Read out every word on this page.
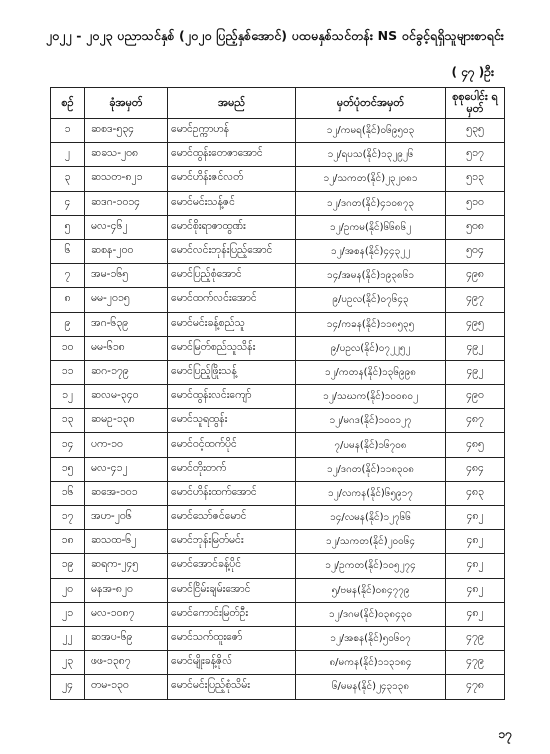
၂၀၂၂ - ၂၀၂၃ ပညာသင်နှစ် (၂၀၂၀ ပြည့်နှစ်အောင်) ပထမနှစ်သင်တန်း NS ဝင်ခွင့်ရရှိသူများစာရင်း
( ၄၇ )ဦး
စဉ်	ခုံအမှတ်	အမည်	မှတ်ပုံတင်အမှတ်	စုစုပေါင်း ရမှတ်
၁	ဆစဒ-၅၃၄	မောင်ဥက္ကာဟန်	၁၂/ကမရ(နိုင်)၀၆၉၅၀၃	၅၃၅
၂	ဆခသ-၂၀၈	မောင်ထွန်းတေဇာအောင်	၁၂/ရပသ(နိုင်)၁၃၂၉၂၆	၅၁၇
၃	ဆသတ-၈၂၁	မောင်ဟိန်းဇင်လတ်	၁၂/သကတ(နိုင်)၂၃၂၀၈၁	၅၁၃
၄	ဆဒဂ-၁၀၁၄	မောင်မင်းသန့်ဇင်	၁၂/ဒဂတ(နိုင်)၄၁၀၈၇၃	၅၁၀
၅	မလ-၄၆၂	မောင်စိုးရာဇာထွဏ်း	၁၂/ဥကမ(နိုင်)၆၆၈၆၂	၅၀၈
၆	ဆစန-၂၀၀	မောင်လင်းဘုန်းပြည့်အောင်	၁၂/အစန(နိုင်)၄၄၃၂၂	၅၀၄
၇	အမ-၁၆၅	မောင်ပြည့်စုံအောင်	၁၄/အမန(နိုင်)၁၉၃၈၆၁	၄၉၈
၈	မမ-၂၀၁၅	မောင်ထက်လင်းအောင်	၉/ပဥလ(နိုင်)၀၇၆၄၃	၄၉၇
၉	အဂ-၆၃၉	မောင်မင်းခန့်စည်သူ	၁၄/ကခန(နိုင်)၁၁၈၅၃၅	၄၉၅
၁၀	မမ-၆၁၈	မောင်မြတ်စည်သူသိန်း	၉/ပဥလ(နိုင်)၀၇၂၂၅၂	၄၉၂
၁၁	ဆဂ-၁၇၉	မောင်ပြည့်ဖြိုးသန့်	၁၂/ကတန(နိုင်)၁၃၆၉၉၈	၄၉၂
၁၂	ဆလမ-၃၄၀	မောင်ထွန်းလင်းကျော်	၁၂/သဃက(နိုင်)၁၀၀၈၀၂	၄၉၀
၁၃	ဆမဥ-၁၃၈	မောင်သူရထွန်း	၁၂/မဂဒ(နိုင်)၁၀၀၁၂၇	၄၈၇
၁၄	ပက-၁၀	မောင်ဝင့်ထက်ပိုင်	၇/ပမန(နိုင်)၁၆၇၀၈	၄၈၅
၁၅	မလ-၄၁၂	မောင်တိုးတက်	၁၂/ဒဂတ(နိုင်)၁၁၈၃၀၈	၄၈၄
၁၆	ဆအေ-၁၀၁	မောင်ဟိန်းထက်အောင်	၁၂/လကန(နိုင်)၆၅၉၁၇	၄၈၃
၁၇	အဟ-၂၀၆	မောင်သော်ဇင်မောင်	၁၄/လမန(နိုင်)၁၂၇၆၆	၄၈၂
၁၈	ဆသထ-၆၂	မောင်ဘုန်းမြတ်မင်း	၁၂/သကတ(နိုင်)၂၀၀၆၄	၄၈၂
၁၉	ဆရက-၂၄၅	မောင်အောင်ခန့်ပိုင်	၁၂/ဥကတ(နိုင်)၁၀၅၂၇၄	၄၈၂
၂၀	မနအ-၈၂၀	မောင်ငြိမ်းချမ်းအောင်	၅/ဗမန(နိုင်)၀၈၄၇၇၉	၄၈၂
၂၁	မလ-၁၀၈၇	မောင်ကောင်းမြတ်ဦး	၁၂/ဒဂမ(နိုင်)၀၃၈၄၃၀	၄၈၂
၂၂	ဆအပ-၆၉	မောင်သက်ထူးဇော်	၁၂/အစန(နိုင်)၅၀၆၀၇	၄၇၉
၂၃	ဖဖ-၁၃၈၇	မောင်မျိုးခန့်ဇိုလ်	၈/မကန(နိုင်)၁၁၃၁၈၄	၄၇၉
၂၄	တမ-၁၃၀	မောင်မင်းပြည့်စုံသိမ်း	၆/မမန(နိုင်)၂၄၃၁၃၈	၄၇၈
၁၇
